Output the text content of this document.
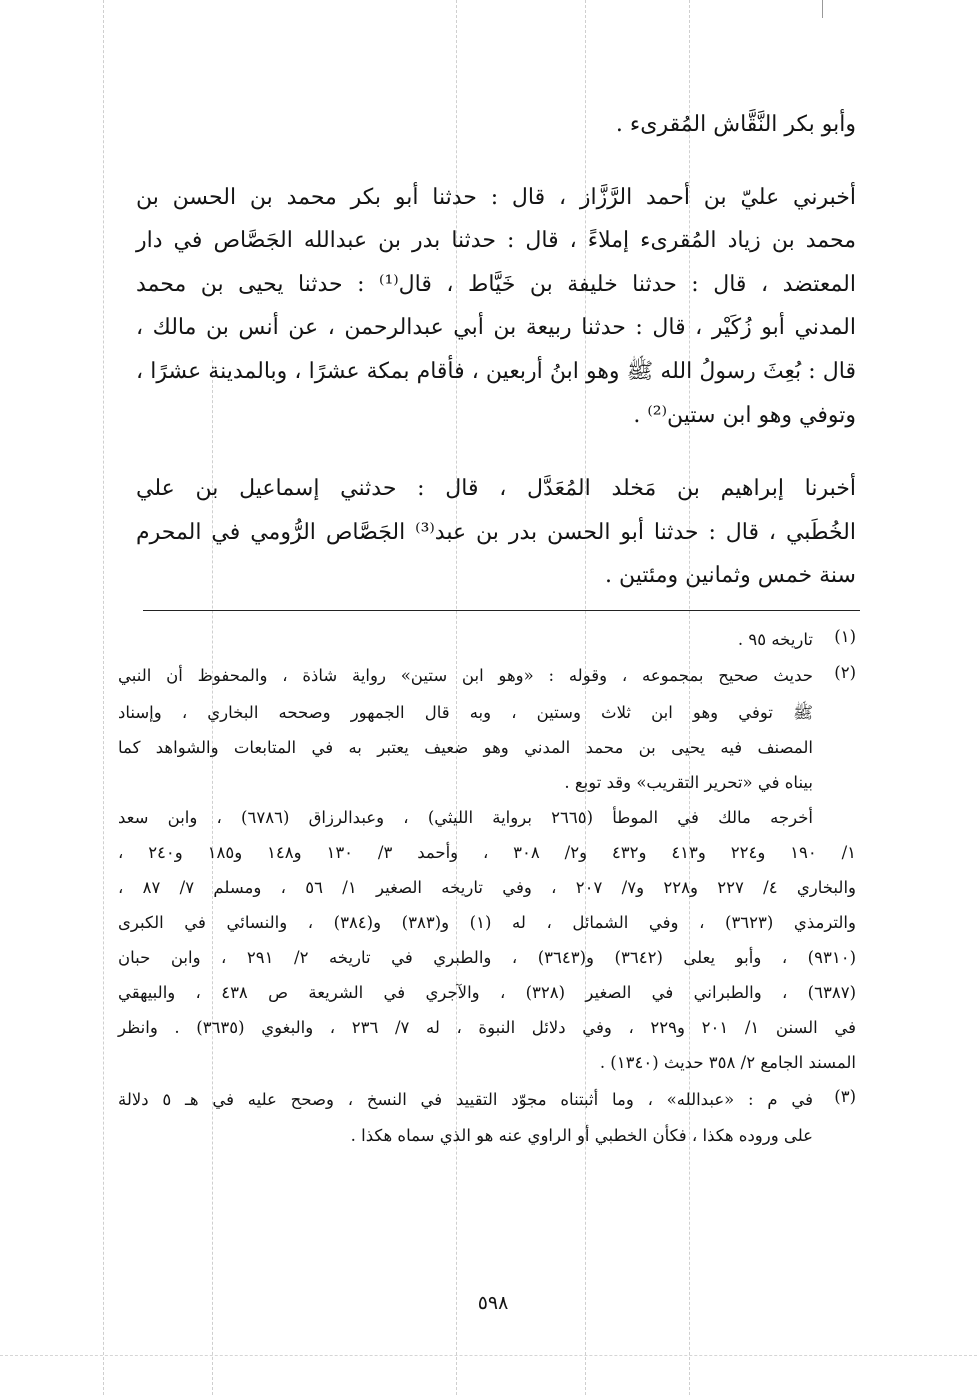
وأبو بكر النَّقَّاش المُقرىء .
أخبرني عليّ بن أحمد الرَّزَّاز ، قال : حدثنا أبو بكر محمد بن الحسن بن
محمد بن زياد المُقرىء إملاءً ، قال : حدثنا بدر بن عبدالله الجَصَّاص في دار
المعتضد ، قال : حدثنا خليفة بن خَيَّاط ، قال⁽¹⁾ : حدثنا يحيى بن محمد
المدني أبو زُكَيْر ، قال : حدثنا ربيعة بن أبي عبدالرحمن ، عن أنس بن مالك ،
قال : بُعِثَ رسولُ الله ﷺ وهو ابنُ أربعين ، فأقام بمكة عشرًا ، وبالمدينة عشرًا ،
وتوفي وهو ابن ستين⁽²⁾ .
أخبرنا إبراهيم بن مَخلد المُعَدَّل ، قال : حدثني إسماعيل بن علي
الخُطَبي ، قال : حدثنا أبو الحسن بدر بن عبد⁽³⁾ الجَصَّاص الرُّومي في المحرم
سنة خمس وثمانين ومئتين .
(١)
تاريخه ٩٥ .
(٢)
حديث صحيح بمجموعه ، وقوله : «وهو ابن ستين» رواية شاذة ، والمحفوظ أن النبي
ﷺ توفي وهو ابن ثلاث وستين ، وبه قال الجمهور وصححه البخاري ، وإسناد
المصنف فيه يحيى بن محمد المدني وهو ضعيف يعتبر به في المتابعات والشواهد كما
بيناه في «تحرير التقريب» وقد توبع .
أخرجه مالك في الموطأ (٢٦٦٥ برواية الليثي) ، وعبدالرزاق (٦٧٨٦) ، وابن سعد
١/ ١٩٠ و٢٢٤ و٤١٣ و٤٣٢ و٢/ ٣٠٨ ، وأحمد ٣/ ١٣٠ و١٤٨ و١٨٥ و٢٤٠ ،
والبخاري ٤/ ٢٢٧ و٢٢٨ و٧/ ٢٠٧ ، وفي تاريخه الصغير ١/ ٥٦ ، ومسلم ٧/ ٨٧ ،
والترمذي (٣٦٢٣) ، وفي الشمائل ، له (١) و(٣٨٣) و(٣٨٤) ، والنسائي في الكبرى
(٩٣١٠) ، وأبو يعلى (٣٦٤٢) و(٣٦٤٣) ، والطبري في تاريخه ٢/ ٢٩١ ، وابن حبان
(٦٣٨٧) ، والطبراني في الصغير (٣٢٨) ، والآجري في الشريعة ص ٤٣٨ ، والبيهقي
في السنن ١/ ٢٠١ و٢٢٩ ، وفي دلائل النبوة ، له ٧/ ٢٣٦ ، والبغوي (٣٦٣٥) . وانظر
المسند الجامع ٢/ ٣٥٨ حديث (١٣٤٠) .
(٣)
في م : «عبدالله» ، وما أثبتناه مجوّد التقييد في النسخ ، وصحح عليه في هـ ٥ دلالة
على وروده هكذا ، فكأن الخطبي أو الراوي عنه هو الذي سماه هكذا .
٥٩٨
